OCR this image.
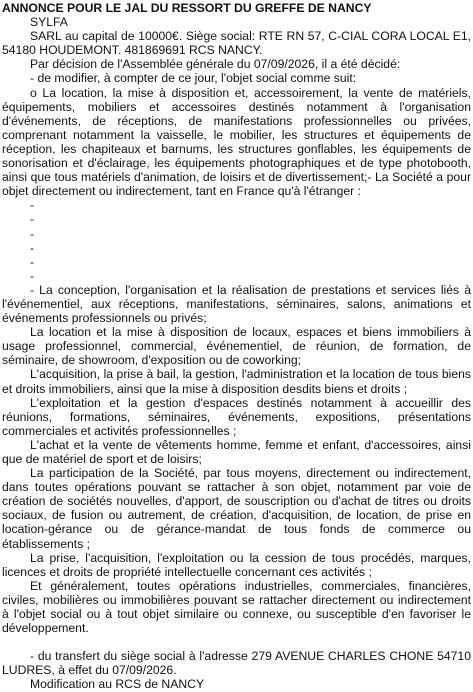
ANNONCE POUR LE JAL DU RESSORT DU GREFFE DE NANCY

SYLFA

SARL au capital de 10000€. Siège social: RTE RN 57, C-CIAL CORA LOCAL E1, 54180 HOUDEMONT. 481869691 RCS NANCY.

Par décision de l'Assemblée générale du 07/09/2026, il a été décidé:

- de modifier, à compter de ce jour, l'objet social comme suit:

o La location, la mise à disposition et, accessoirement, la vente de matériels, équipements, mobiliers et accessoires destinés notamment à l'organisation d'événements, de réceptions, de manifestations professionnelles ou privées, comprenant notamment la vaisselle, le mobilier, les structures et équipements de réception, les chapiteaux et barnums, les structures gonflables, les équipements de sonorisation et d'éclairage, les équipements photographiques et de type photobooth, ainsi que tous matériels d'animation, de loisirs et de divertissement;- La Société a pour objet directement ou indirectement, tant en France qu'à l'étranger :

-

-

-

-

-

-

- La conception, l'organisation et la réalisation de prestations et services liés à l'événementiel, aux réceptions, manifestations, séminaires, salons, animations et événements professionnels ou privés;

La location et la mise à disposition de locaux, espaces et biens immobiliers à usage professionnel, commercial, événementiel, de réunion, de formation, de séminaire, de showroom, d'exposition ou de coworking;

L'acquisition, la prise à bail, la gestion, l'administration et la location de tous biens et droits immobiliers, ainsi que la mise à disposition desdits biens et droits ;

L'exploitation et la gestion d'espaces destinés notamment à accueillir des réunions, formations, séminaires, événements, expositions, présentations commerciales et activités professionnelles ;

L'achat et la vente de vêtements homme, femme et enfant, d'accessoires, ainsi que de matériel de sport et de loisirs;

La participation de la Société, par tous moyens, directement ou indirectement, dans toutes opérations pouvant se rattacher à son objet, notamment par voie de création de sociétés nouvelles, d'apport, de souscription ou d'achat de titres ou droits sociaux, de fusion ou autrement, de création, d'acquisition, de location, de prise en location-gérance ou de gérance-mandat de tous fonds de commerce ou établissements ;

La prise, l'acquisition, l'exploitation ou la cession de tous procédés, marques, licences et droits de propriété intellectuelle concernant ces activités ;

Et généralement, toutes opérations industrielles, commerciales, financières, civiles, mobilières ou immobilières pouvant se rattacher directement ou indirectement à l'objet social ou à tout objet similaire ou connexe, ou susceptible d'en favoriser le développement.

- du transfert du siège social à l'adresse 279 AVENUE CHARLES CHONE 54710 LUDRES, à effet du 07/09/2026.

Modification au RCS de NANCY
